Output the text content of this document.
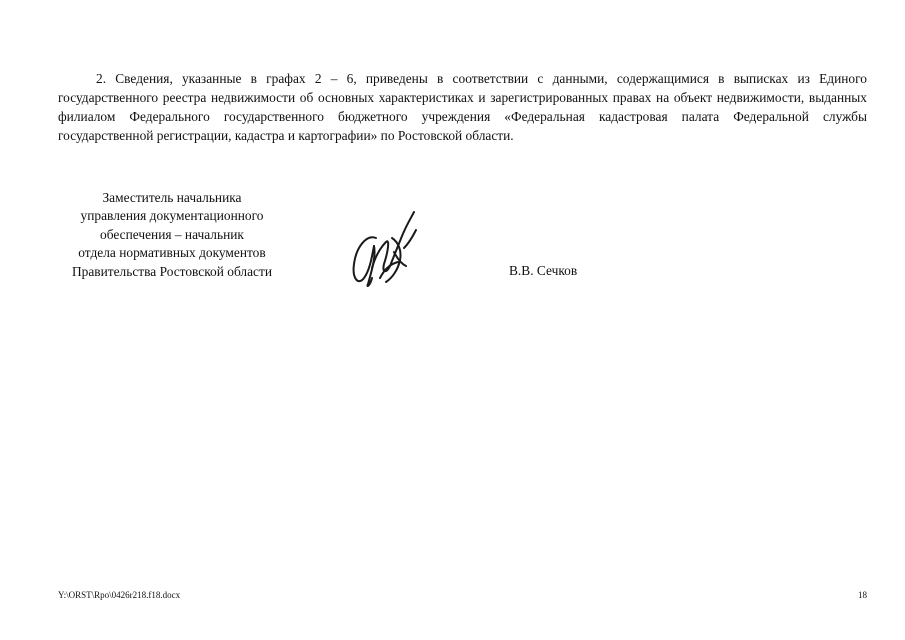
2. Сведения, указанные в графах 2 – 6, приведены в соответствии с данными, содержащимися в выписках из Единого государственного реестра недвижимости об основных характеристиках и зарегистрированных правах на объект недвижимости, выданных филиалом Федерального государственного бюджетного учреждения «Федеральная кадастровая палата Федеральной службы государственной регистрации, кадастра и картографии» по Ростовской области.

Заместитель начальника
управления документационного
обеспечения – начальник
отдела нормативных документов
Правительства Ростовской области	В.В. Сечков
Y:\ORST\Rpo\0426r218.f18.docx	18
